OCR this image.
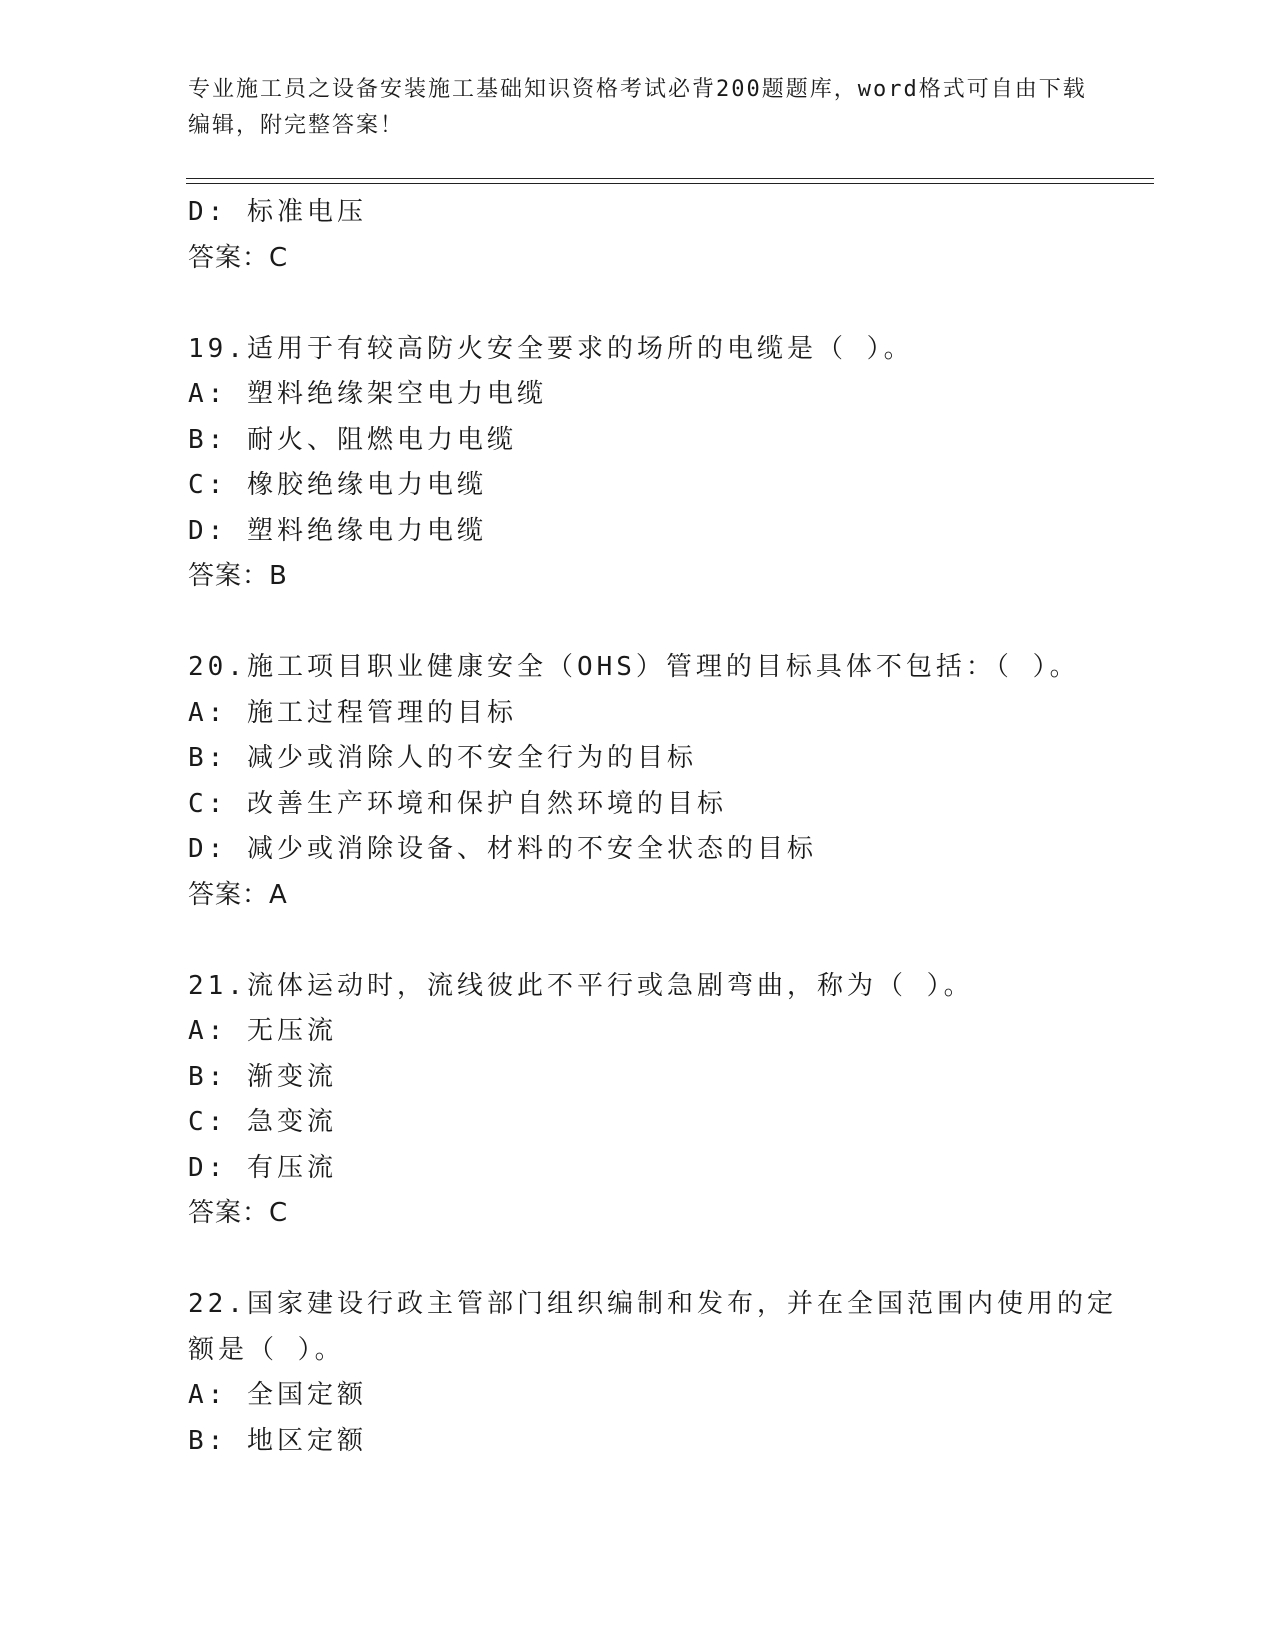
专业施工员之设备安装施工基础知识资格考试必背200题题库，word格式可自由下载编辑，附完整答案！
D: 标准电压
答案：C
19.适用于有较高防火安全要求的场所的电缆是（ ）。
A: 塑料绝缘架空电力电缆
B: 耐火、阻燃电力电缆
C: 橡胶绝缘电力电缆
D: 塑料绝缘电力电缆
答案：B
20.施工项目职业健康安全（OHS）管理的目标具体不包括：（ ）。
A: 施工过程管理的目标
B: 减少或消除人的不安全行为的目标
C: 改善生产环境和保护自然环境的目标
D: 减少或消除设备、材料的不安全状态的目标
答案：A
21.流体运动时，流线彼此不平行或急剧弯曲，称为（ ）。
A: 无压流
B: 渐变流
C: 急变流
D: 有压流
答案：C
22.国家建设行政主管部门组织编制和发布，并在全国范围内使用的定
额是（ ）。
A: 全国定额
B: 地区定额
